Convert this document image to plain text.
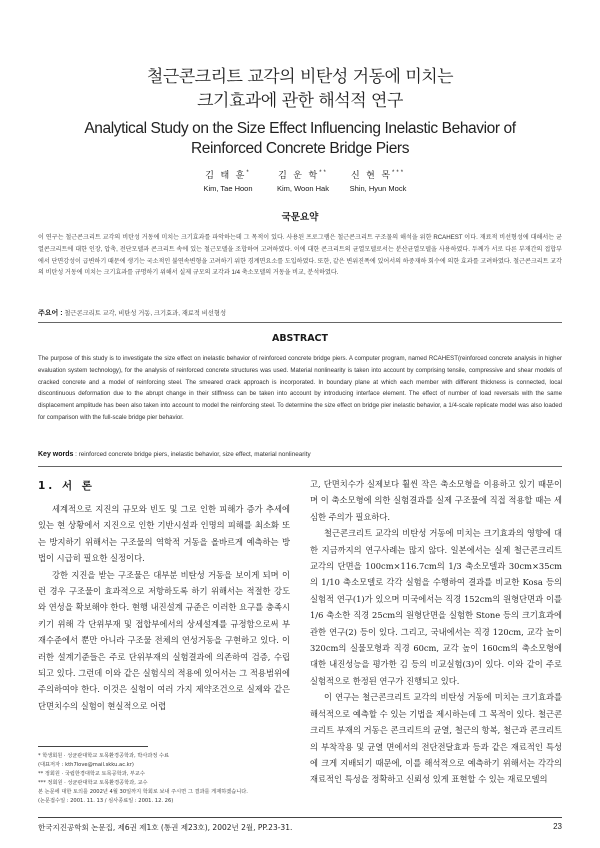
철근콘크리트 교각의 비탄성 거동에 미치는
크기효과에 관한 해석적 연구
Analytical Study on the Size Effect Influencing Inelastic Behavior of
Reinforced Concrete Bridge Piers
김 태 훈*
Kim, Tae Hoon
김 운 학**
Kim, Woon Hak
신 현 목***
Shin, Hyun Mock
국문요약
이 연구는 철근콘크리트 교각의 비탄성 거동에 미치는 크기효과를 파악하는데 그 목적이 있다. 사용된 프로그램은 철근콘크리트 구조물의 해석을 위한 RCAHEST 이다. 재료적 비선형성에 대해서는 균열콘크리트에 대한 인장, 압축, 전단모델과 콘크리트 속에 있는 철근모델을 조합하여 고려하였다. 이에 대한 콘크리트의 균열모델로서는 분산균열모델을 사용하였다. 두께가 서로 다른 부재간의 접합부에서 단면강성이 급변하기 때문에 생기는 국소적인 불연속변형을 고려하기 위한 경계면요소를 도입하였다. 또한, 같은 변위진폭에 있어서의 하중재하 회수에 의한 효과를 고려하였다. 철근콘크리트 교각의 비탄성 거동에 미치는 크기효과를 규명하기 위해서 실제 규모의 교각과 1/4 축소모델의 거동을 비교, 분석하였다.
주요어 : 철근콘크리트 교각, 비탄성 거동, 크기효과, 재료적 비선형성
ABSTRACT
The purpose of this study is to investigate the size effect on inelastic behavior of reinforced concrete bridge piers. A computer program, named RCAHEST(reinforced concrete analysis in higher evaluation system technology), for the analysis of reinforced concrete structures was used. Material nonlinearity is taken into account by comprising tensile, compressive and shear models of cracked concrete and a model of reinforcing steel. The smeared crack approach is incorporated. In boundary plane at which each member with different thickness is connected, local discontinuous deformation due to the abrupt change in their stiffness can be taken into account by introducing interface element. The effect of number of load reversals with the same displacement amplitude has been also taken into account to model the reinforcing steel. To determine the size effect on bridge pier inelastic behavior, a 1/4-scale replicate model was also loaded for comparison with the full-scale bridge pier behavior.
Key words : reinforced concrete bridge piers, inelastic behavior, size effect, material nonlinearity
1. 서 론
세계적으로 지진의 규모와 빈도 및 그로 인한 피해가 증가 추세에 있는 현 상황에서 지진으로 인한 기반시설과 인명의 피해를 최소화 또는 방지하기 위해서는 구조물의 역학적 거동을 올바르게 예측하는 방법이 시급히 필요한 실정이다.
강한 지진을 받는 구조물은 대부분 비탄성 거동을 보이게 되며 이런 경우 구조물이 효과적으로 저항하도록 하기 위해서는 적절한 강도와 연성을 확보해야 한다. 현행 내진설계 규준은 이러한 요구를 충족시키기 위해 각 단위부재 및 접합부에서의 상세설계를 규정함으로써 부재수준에서 뿐만 아니라 구조물 전체의 연성거동을 구현하고 있다. 이러한 설계기준들은 주로 단위부재의 실험결과에 의존하여 검증, 수립되고 있다. 그런데 이와 같은 실험식의 적용에 있어서는 그 적용범위에 주의하여야 한다. 이것은 실험이 여러 가지 제약조건으로 실제와 같은 단면치수의 실험이 현실적으로 어렵
고, 단면치수가 실제보다 훨씬 작은 축소모형을 이용하고 있기 때문이며 이 축소모형에 의한 실험결과를 실제 구조물에 직접 적용할 때는 세심한 주의가 필요하다.
철근콘크리트 교각의 비탄성 거동에 미치는 크기효과의 영향에 대한 지금까지의 연구사례는 많지 않다. 일본에서는 실제 철근콘크리트 교각의 단면을 100cm×116.7cm의 1/3 축소모델과 30cm×35cm의 1/10 축소모델로 각각 실험을 수행하여 결과를 비교한 Kosa 등의 실험적 연구(1)가 있으며 미국에서는 직경 152cm의 원형단면과 이를 1/6 축소한 직경 25cm의 원형단면을 실험한 Stone 등의 크기효과에 관한 연구(2) 등이 있다. 그리고, 국내에서는 직경 120cm, 교각 높이 320cm의 실물모형과 직경 60cm, 교각 높이 160cm의 축소모형에 대한 내진성능을 평가한 김 등의 비교실험(3)이 있다. 이와 같이 주로 실험적으로 한정된 연구가 진행되고 있다.
이 연구는 철근콘크리트 교각의 비탄성 거동에 미치는 크기효과를 해석적으로 예측할 수 있는 기법을 제시하는데 그 목적이 있다. 철근콘크리트 부재의 거동은 콘크리트의 균열, 철근의 항복, 철근과 콘크리트의 부착작용 및 균열 면에서의 전단전달효과 등과 같은 재료적인 특성에 크게 지배되기 때문에, 이를 해석적으로 예측하기 위해서는 각각의 재료적인 특성을 정확하고 신뢰성 있게 표현할 수 있는 재료모델의
* 학생회원 · 성균관대학교 토목환경공학과, 박사과정 수료
(대표저자 : kth7love@mail.skku.ac.kr)
** 정회원 · 국립한경대학교 토목공학과, 부교수
*** 정회원 · 성균관대학교 토목환경공학과, 교수
본 논문에 대한 토의를 2002년 4월 30일까지 학회로 보내 주시면 그 결과를 게재하겠습니다.
(논문접수일 : 2001. 11. 13 / 심사종료일 : 2001. 12. 26)
한국지진공학회 논문집, 제6권 제1호 (통권 제23호), 2002년 2월, PP.23-31.	23
